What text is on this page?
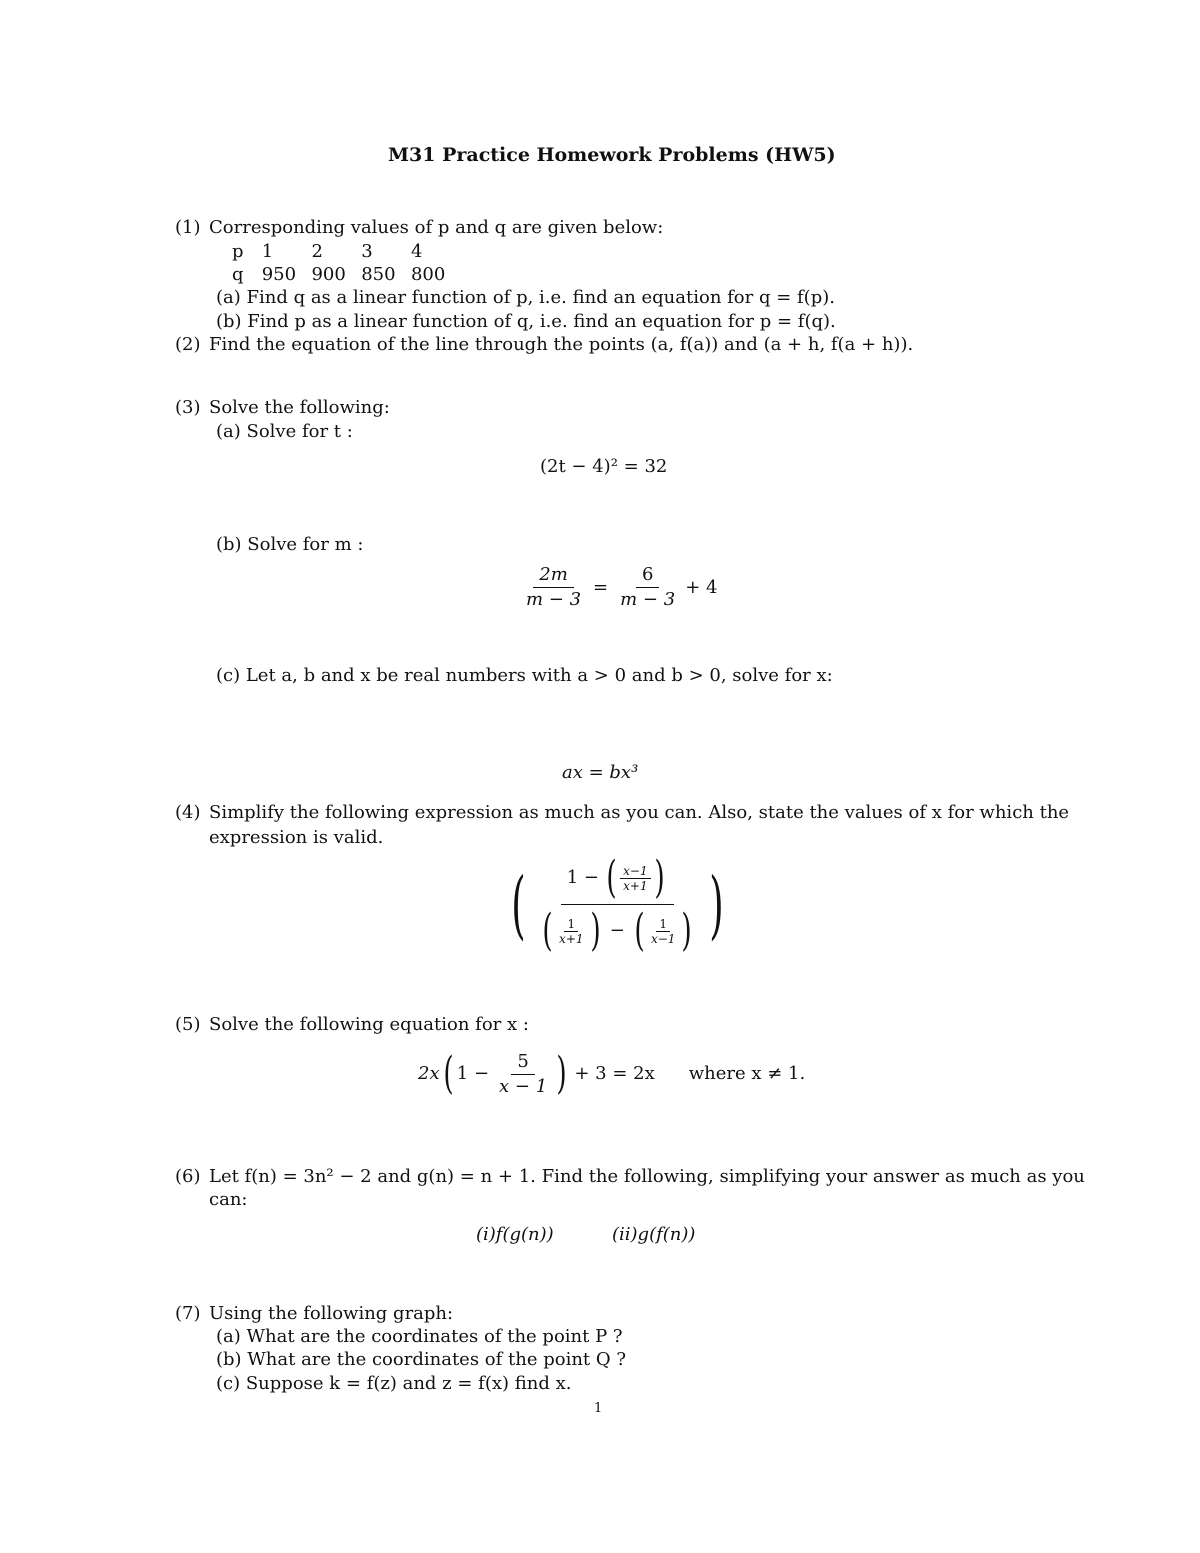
M31 Practice Homework Problems (HW5)
(1) Corresponding values of p and q are given below:
p 1 2 3 4
q 950 900 850 800
(a) Find q as a linear function of p, i.e. find an equation for q = f(p).
(b) Find p as a linear function of q, i.e. find an equation for p = f(q).
(2) Find the equation of the line through the points (a, f(a)) and (a + h, f(a + h)).
(3) Solve the following:
(a) Solve for t :
(2t − 4)² = 32
(b) Solve for m :
$\frac{2m}{m - 3} = \frac{6}{m - 3} + 4$
(c) Let a, b and x be real numbers with a > 0 and b > 0, solve for x:
ax = bx³
(4) Simplify the following expression as much as you can. Also, state the values of x for which the
expression is valid.
( 1 − ( $\frac{x-1}{x+1}$ )
( $\frac{1}{x+1}$ ) − ( $\frac{1}{x-1}$ ) )
(5) Solve the following equation for x :
2x ( $1 - \frac{5}{x - 1}$ ) + 3 = 2x where x ≠ 1.
(6) Let f(n) = 3n² − 2 and g(n) = n + 1. Find the following, simplifying your answer as much as you
can:
(i)f(g(n))	(ii)g(f(n))
(7) Using the following graph:
(a) What are the coordinates of the point P ?
(b) What are the coordinates of the point Q ?
(c) Suppose k = f(z) and z = f(x) find x.
1
